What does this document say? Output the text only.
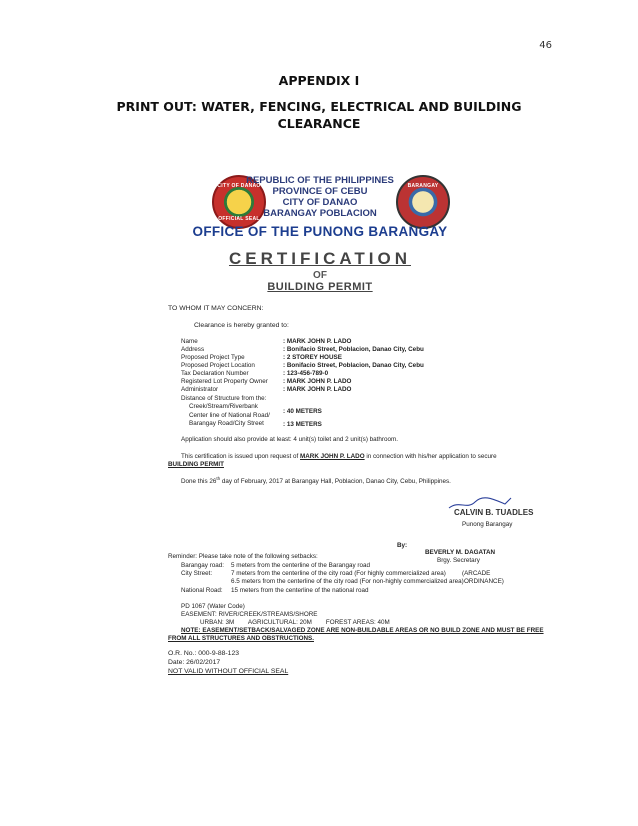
46
APPENDIX I
PRINT OUT: WATER, FENCING, ELECTRICAL AND BUILDING
CLEARANCE
CITY OF DANAO
OFFICIAL SEAL
BARANGAY
REPUBLIC OF THE PHILIPPINES
PROVINCE OF CEBU
CITY OF DANAO
BARANGAY POBLACION
OFFICE OF THE PUNONG BARANGAY
CERTIFICATION
OF
BUILDING PERMIT
TO WHOM IT MAY CONCERN:
Clearance is hereby granted to:
Name	: MARK JOHN P. LADO
Address	: Bonifacio Street, Poblacion, Danao City, Cebu
Proposed Project Type	: 2 STOREY HOUSE
Proposed Project Location	: Bonifacio Street, Poblacion, Danao City, Cebu
Tax Declaration Number	: 123-456-789-0
Registered Lot Property Owner : MARK JOHN P. LADO
Administrator	: MARK JOHN P. LADO
Distance of Structure from the:
Creek/Stream/Riverbank
: 40 METERS
Center line of National Road/
Barangay Road/City Street	: 13 METERS
Application should also provide at least: 4 unit(s) toilet and 2 unit(s) bathroom.
This certification is issued upon request of MARK JOHN P. LADO in connection with his/her application to secure
BUILDING PERMIT
Done this 26th day of February, 2017 at Barangay Hall, Poblacion, Danao City, Cebu, Philippines.
CALVIN B. TUADLES
Punong Barangay
By:
BEVERLY M. DAGATAN
Brgy. Secretary
Reminder: Please take note of the following setbacks:
Barangay road: 5 meters from the centerline of the Barangay road
City Street:	7 meters from the centerline of the city road (For highly commercialized area)	(ARCADE
6.5 meters from the centerline of the city road (For non-highly commercialized area) ORDINANCE)
National Road: 15 meters from the centerline of the national road
PD 1067 (Water Code)
EASEMENT: RIVER/CREEK/STREAMS/SHORE
URBAN: 3M        AGRICULTURAL: 20M        FOREST AREAS: 40M
NOTE: EASEMENT/SETBACK/SALVAGED ZONE ARE NON-BUILDABLE AREAS OR NO BUILD ZONE AND MUST BE FREE
FROM ALL STRUCTURES AND OBSTRUCTIONS.
O.R. No.: 000-9-88-123
Date: 26/02/2017
NOT VALID WITHOUT OFFICIAL SEAL
